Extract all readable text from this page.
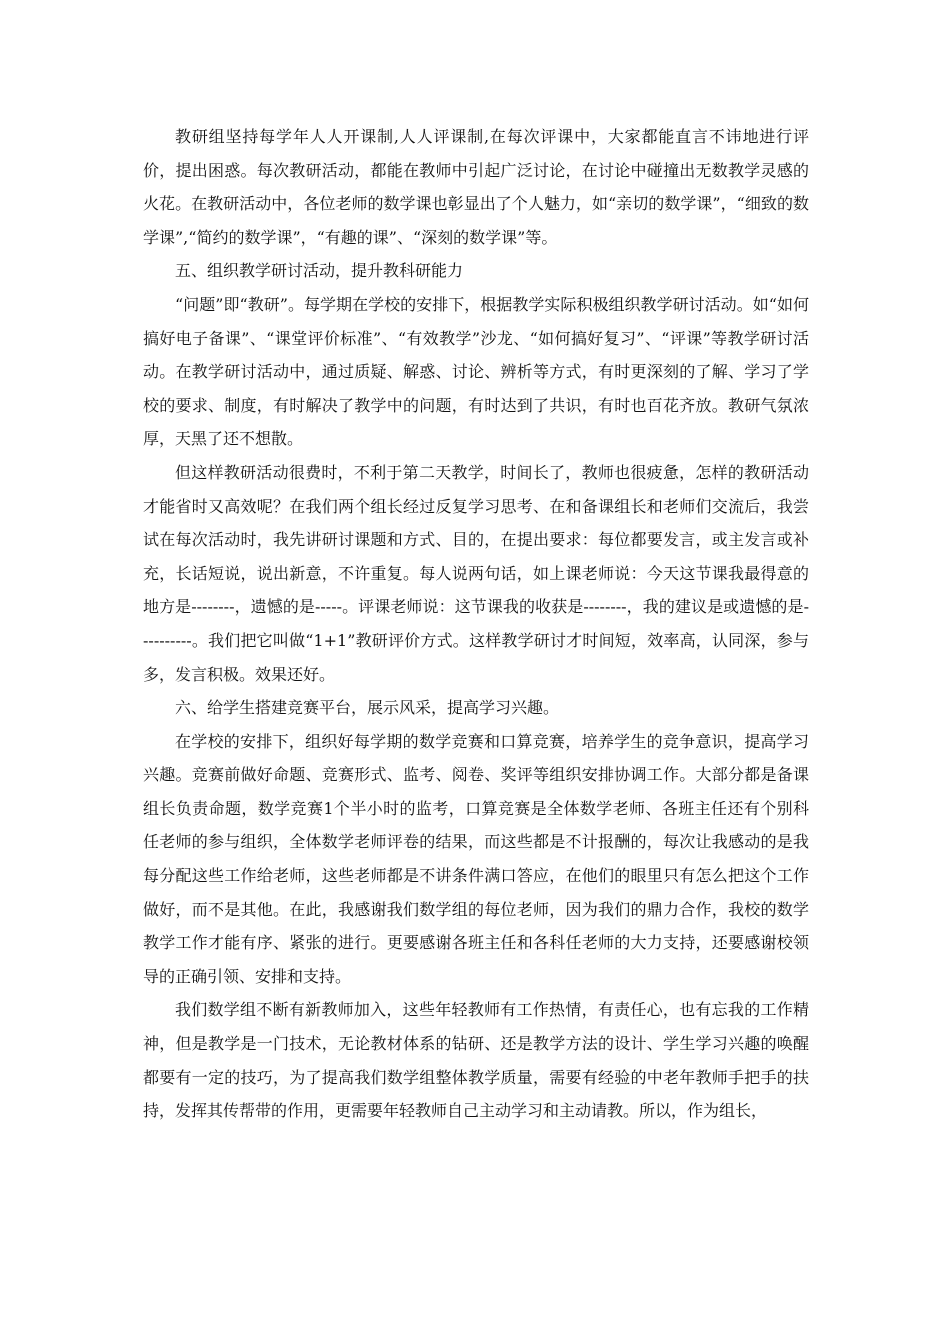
教研组坚持每学年人人开课制,人人评课制,在每次评课中，大家都能直言不讳地进行评价，提出困惑。每次教研活动，都能在教师中引起广泛讨论，在讨论中碰撞出无数教学灵感的火花。在教研活动中，各位老师的数学课也彰显出了个人魅力，如“亲切的数学课”，“细致的数学课”,“简约的数学课”，“有趣的课”、“深刻的数学课”等。

五、组织教学研讨活动，提升教科研能力

“问题”即“教研”。每学期在学校的安排下，根据教学实际积极组织教学研讨活动。如“如何搞好电子备课”、“课堂评价标准”、“有效教学”沙龙、“如何搞好复习”、“评课”等教学研讨活动。在教学研讨活动中，通过质疑、解惑、讨论、辨析等方式，有时更深刻的了解、学习了学校的要求、制度，有时解决了教学中的问题，有时达到了共识，有时也百花齐放。教研气氛浓厚，天黑了还不想散。

但这样教研活动很费时，不利于第二天教学，时间长了，教师也很疲惫，怎样的教研活动才能省时又高效呢？在我们两个组长经过反复学习思考、在和备课组长和老师们交流后，我尝试在每次活动时，我先讲研讨课题和方式、目的，在提出要求：每位都要发言，或主发言或补充，长话短说，说出新意，不许重复。每人说两句话，如上课老师说：今天这节课我最得意的地方是--------，遗憾的是-----。评课老师说：这节课我的收获是--------，我的建议是或遗憾的是----------。我们把它叫做“1+1”教研评价方式。这样教学研讨才时间短，效率高，认同深，参与多，发言积极。效果还好。

六、给学生搭建竞赛平台，展示风采，提高学习兴趣。

在学校的安排下，组织好每学期的数学竞赛和口算竞赛，培养学生的竞争意识，提高学习兴趣。竞赛前做好命题、竞赛形式、监考、阅卷、奖评等组织安排协调工作。大部分都是备课组长负责命题，数学竞赛1个半小时的监考，口算竞赛是全体数学老师、各班主任还有个别科任老师的参与组织，全体数学老师评卷的结果，而这些都是不计报酬的，每次让我感动的是我每分配这些工作给老师，这些老师都是不讲条件满口答应，在他们的眼里只有怎么把这个工作做好，而不是其他。在此，我感谢我们数学组的每位老师，因为我们的鼎力合作，我校的数学教学工作才能有序、紧张的进行。更要感谢各班主任和各科任老师的大力支持，还要感谢校领导的正确引领、安排和支持。

我们数学组不断有新教师加入，这些年轻教师有工作热情，有责任心，也有忘我的工作精神，但是教学是一门技术，无论教材体系的钻研、还是教学方法的设计、学生学习兴趣的唤醒都要有一定的技巧，为了提高我们数学组整体教学质量，需要有经验的中老年教师手把手的扶持，发挥其传帮带的作用，更需要年轻教师自己主动学习和主动请教。所以，作为组长，
